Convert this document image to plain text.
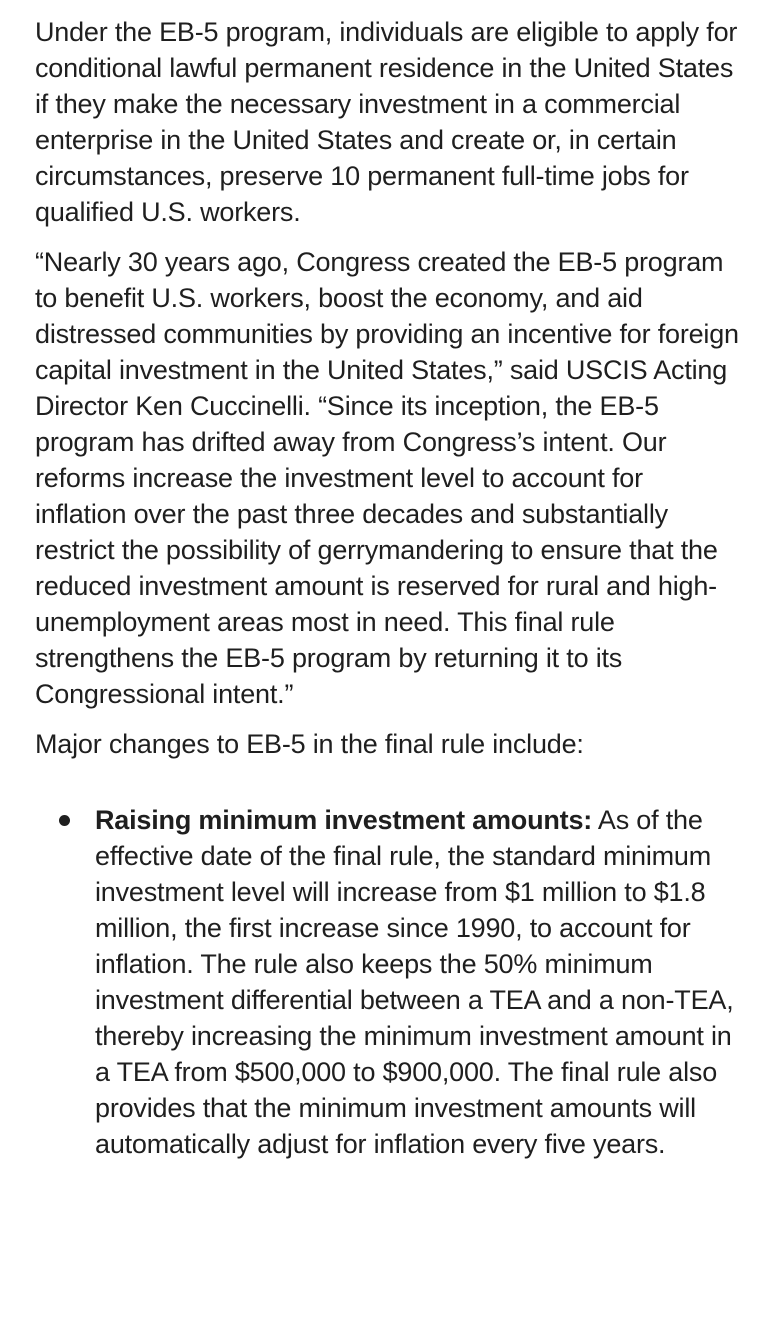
Under the EB-5 program, individuals are eligible to apply for conditional lawful permanent residence in the United States if they make the necessary investment in a commercial enterprise in the United States and create or, in certain circumstances, preserve 10 permanent full-time jobs for qualified U.S. workers.

“Nearly 30 years ago, Congress created the EB-5 program to benefit U.S. workers, boost the economy, and aid distressed communities by providing an incentive for foreign capital investment in the United States,” said USCIS Acting Director Ken Cuccinelli. “Since its inception, the EB-5 program has drifted away from Congress’s intent. Our reforms increase the investment level to account for inflation over the past three decades and substantially restrict the possibility of gerrymandering to ensure that the reduced investment amount is reserved for rural and high-unemployment areas most in need. This final rule strengthens the EB-5 program by returning it to its Congressional intent.”

Major changes to EB-5 in the final rule include:

Raising minimum investment amounts: As of the effective date of the final rule, the standard minimum investment level will increase from $1 million to $1.8 million, the first increase since 1990, to account for inflation. The rule also keeps the 50% minimum investment differential between a TEA and a non-TEA, thereby increasing the minimum investment amount in a TEA from $500,000 to $900,000. The final rule also provides that the minimum investment amounts will automatically adjust for inflation every five years.
